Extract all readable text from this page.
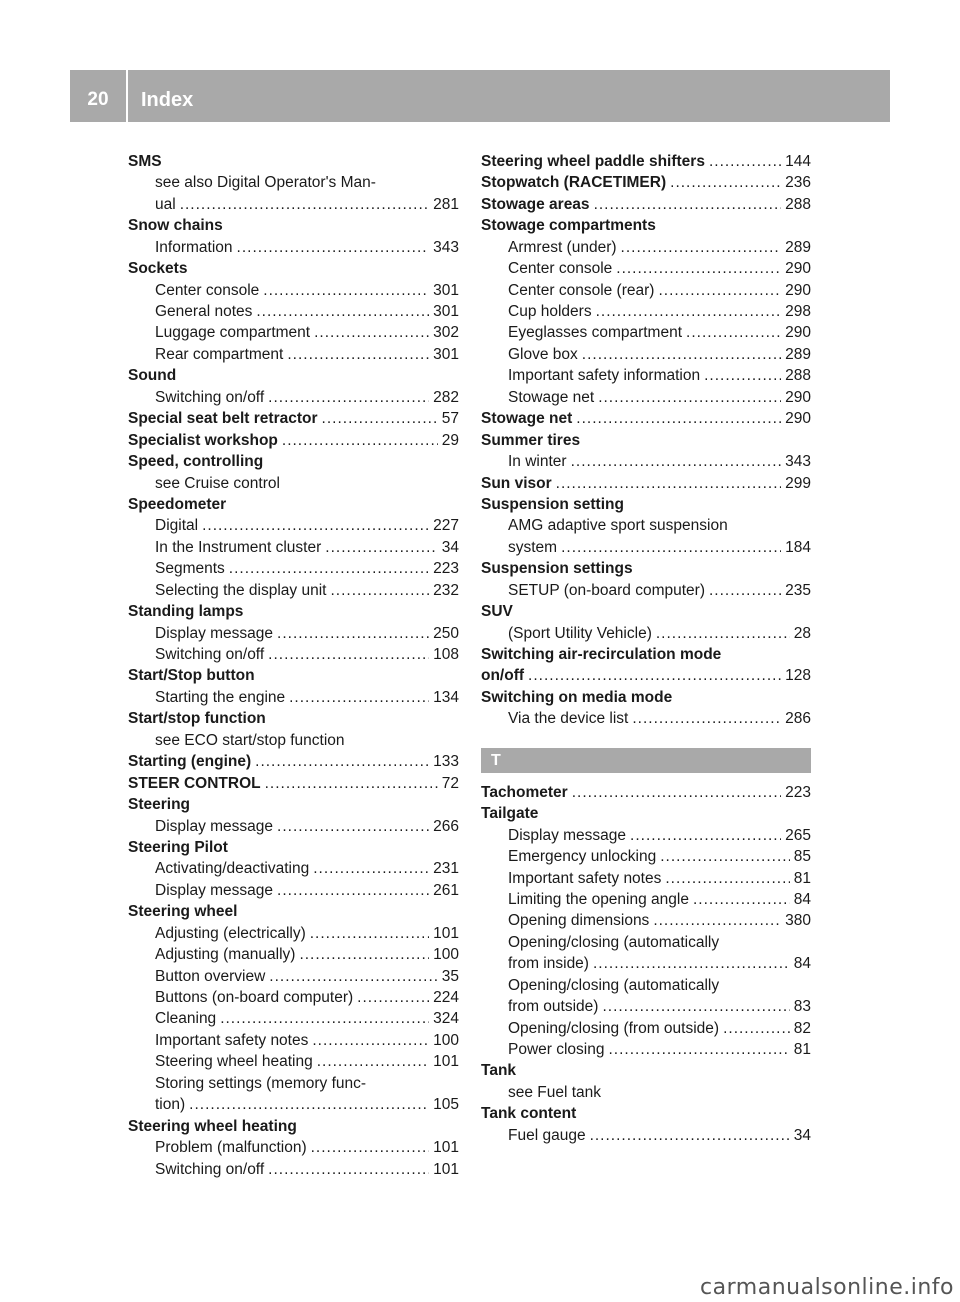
20	Index
SMS
see also Digital Operator's Man-
ual .....	281
Snow chains
Information .....	343
Sockets
Center console .....	301
General notes .....	301
Luggage compartment .....	302
Rear compartment .....	301
Sound
Switching on/off .....	282
Special seat belt retractor .....	57
Specialist workshop .....	29
Speed, controlling
see Cruise control
Speedometer
Digital .....	227
In the Instrument cluster .....	34
Segments .....	223
Selecting the display unit .....	232
Standing lamps
Display message .....	250
Switching on/off .....	108
Start/Stop button
Starting the engine .....	134
Start/stop function
see ECO start/stop function
Starting (engine) .....	133
STEER CONTROL .....	72
Steering
Display message .....	266
Steering Pilot
Activating/deactivating .....	231
Display message .....	261
Steering wheel
Adjusting (electrically) .....	101
Adjusting (manually) .....	100
Button overview .....	35
Buttons (on-board computer) .....	224
Cleaning .....	324
Important safety notes .....	100
Steering wheel heating .....	101
Storing settings (memory func-
tion) .....	105
Steering wheel heating
Problem (malfunction) .....	101
Switching on/off .....	101
Steering wheel paddle shifters .....	144
Stopwatch (RACETIMER) .....	236
Stowage areas .....	288
Stowage compartments
Armrest (under) .....	289
Center console .....	290
Center console (rear) .....	290
Cup holders .....	298
Eyeglasses compartment .....	290
Glove box .....	289
Important safety information .....	288
Stowage net .....	290
Stowage net .....	290
Summer tires
In winter .....	343
Sun visor .....	299
Suspension setting
AMG adaptive sport suspension
system .....	184
Suspension settings
SETUP (on-board computer) .....	235
SUV
(Sport Utility Vehicle) .....	28
Switching air-recirculation mode
on/off .....	128
Switching on media mode
Via the device list .....	286
T
Tachometer .....	223
Tailgate
Display message .....	265
Emergency unlocking .....	85
Important safety notes .....	81
Limiting the opening angle .....	84
Opening dimensions .....	380
Opening/closing (automatically
from inside) .....	84
Opening/closing (automatically
from outside) .....	83
Opening/closing (from outside) .....	82
Power closing .....	81
Tank
see Fuel tank
Tank content
Fuel gauge .....	34
carmanualsonline.info
